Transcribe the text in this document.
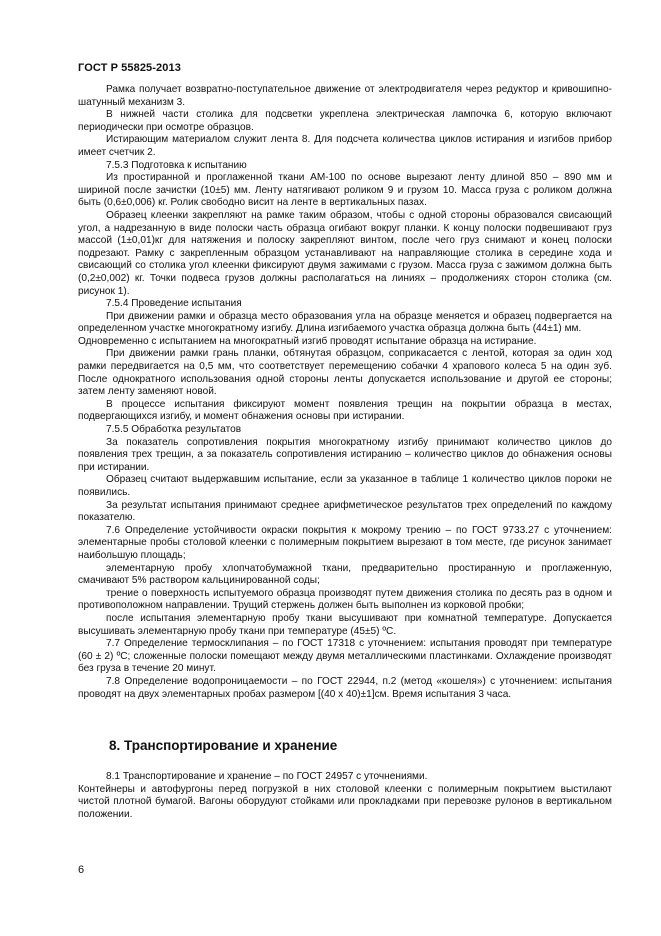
ГОСТ Р 55825-2013

Рамка получает возвратно-поступательное движение от электродвигателя через редуктор и кривошипно-шатунный механизм 3.

В нижней части столика для подсветки укреплена электрическая лампочка 6, которую включают периодически при осмотре образцов.

Истирающим материалом служит лента 8. Для подсчета количества циклов истирания и изгибов прибор имеет счетчик 2.

7.5.3 Подготовка к испытанию

Из простиранной и проглаженной ткани АМ-100 по основе вырезают ленту длиной 850 – 890 мм и шириной после зачистки (10±5) мм. Ленту натягивают роликом 9 и грузом 10. Масса груза с роликом должна быть (0,6±0,006) кг. Ролик свободно висит на ленте в вертикальных пазах.

Образец клеенки закрепляют на рамке таким образом, чтобы с одной стороны образовался свисающий угол, а надрезанную в виде полоски часть образца огибают вокруг планки. К концу полоски подвешивают груз массой (1±0,01)кг для натяжения и полоску закрепляют винтом, после чего груз снимают и конец полоски подрезают. Рамку с закрепленным образцом устанавливают на направляющие столика в середине хода и свисающий со столика угол клеенки фиксируют двумя зажимами с грузом. Масса груза с зажимом должна быть (0,2±0,002) кг. Точки подвеса грузов должны располагаться на линиях – продолжениях сторон столика (см. рисунок 1).

7.5.4 Проведение испытания

При движении рамки и образца место образования угла на образце меняется и образец подвергается на определенном участке многократному изгибу. Длина изгибаемого участка образца должна быть (44±1) мм.

Одновременно с испытанием на многократный изгиб проводят испытание образца на истирание.

При движении рамки грань планки, обтянутая образцом, соприкасается с лентой, которая за один ход рамки передвигается на 0,5 мм, что соответствует перемещению собачки 4 храпового колеса 5 на один зуб. После однократного использования одной стороны ленты допускается использование и другой ее стороны; затем ленту заменяют новой.

В процессе испытания фиксируют момент появления трещин на покрытии образца в местах, подвергающихся изгибу, и момент обнажения основы при истирании.

7.5.5 Обработка результатов

За показатель сопротивления покрытия многократному изгибу принимают количество циклов до появления трех трещин, а за показатель сопротивления истиранию – количество циклов до обнажения основы при истирании.

Образец считают выдержавшим испытание, если за указанное в таблице 1 количество циклов пороки не появились.

За результат испытания принимают среднее арифметическое результатов трех определений по каждому показателю.

7.6 Определение устойчивости окраски покрытия к мокрому трению – по ГОСТ 9733.27 с уточнением: элементарные пробы столовой клеенки с полимерным покрытием вырезают в том месте, где рисунок занимает наибольшую площадь;

элементарную пробу хлопчатобумажной ткани, предварительно простиранную и проглаженную, смачивают 5% раствором кальцинированной соды;

трение о поверхность испытуемого образца производят путем движения столика по десять раз в одном и противоположном направлении. Трущий стержень должен быть выполнен из корковой пробки;

после испытания элементарную пробу ткани высушивают при комнатной температуре. Допускается высушивать элементарную пробу ткани при температуре (45±5) ºС.

7.7 Определение термосклипания – по ГОСТ 17318 с уточнением: испытания проводят при температуре (60 ± 2) ºС; сложенные полоски помещают между двумя металлическими пластинками. Охлаждение производят без груза в течение 20 минут.

7.8 Определение водопроницаемости – по ГОСТ 22944, п.2 (метод «кошеля») с уточнением: испытания проводят на двух элементарных пробах размером [(40 х 40)±1]см. Время испытания 3 часа.

8. Транспортирование и хранение

8.1 Транспортирование и хранение – по ГОСТ 24957 с уточнениями.

Контейнеры и автофургоны перед погрузкой в них столовой клеенки с полимерным покрытием выстилают чистой плотной бумагой. Вагоны оборудуют стойками или прокладками при перевозке рулонов в вертикальном положении.

6
